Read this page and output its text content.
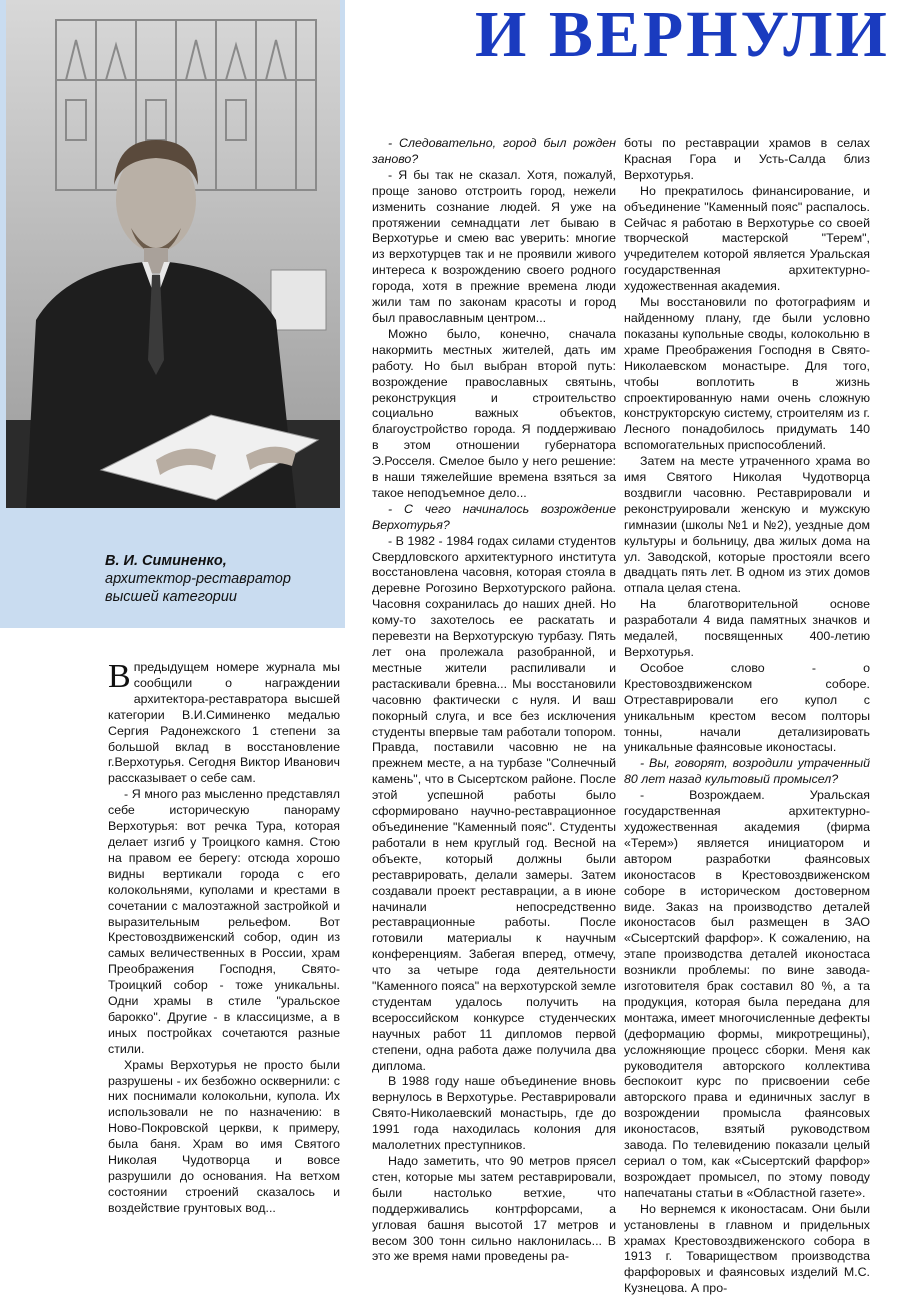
В. И. Симиненко,
архитектор-реставратор высшей категории
И ВЕРНУЛИ

Впредыдущем номере журнала мы сообщили о награждении архитектора-реставратора высшей категории В.И.Симиненко медалью Сергия Радонежского 1 степени за большой вклад в восстановление г.Верхотурья. Сегодня Виктор Иванович рассказывает о себе сам.

- Я много раз мысленно представлял себе историческую панораму Верхотурья: вот речка Тура, которая делает изгиб у Троицкого камня. Стою на правом ее берегу: отсюда хорошо видны вертикали города с его колокольнями, куполами и крестами в сочетании с малоэтажной застройкой и выразительным рельефом. Вот Крестовоздвиженский собор, один из самых величественных в России, храм Преображения Господня, Свято-Троицкий собор - тоже уникальны. Одни храмы в стиле "уральское барокко". Другие - в классицизме, а в иных постройках сочетаются разные стили.

Храмы Верхотурья не просто были разрушены - их безбожно осквернили: с них поснимали колокольни, купола. Их использовали не по назначению: в Ново-Покровской церкви, к примеру, была баня. Храм во имя Святого Николая Чудотворца и вовсе разрушили до основания. На ветхом состоянии строений сказалось и воздействие грунтовых вод...

- Следовательно, город был рожден заново?

- Я бы так не сказал. Хотя, пожалуй, проще заново отстроить город, нежели изменить сознание людей. Я уже на протяжении семнадцати лет бываю в Верхотурье и смею вас уверить: многие из верхотурцев так и не проявили живого интереса к возрождению своего родного города, хотя в прежние времена люди жили там по законам красоты и город был православным центром...

Можно было, конечно, сначала накормить местных жителей, дать им работу. Но был выбран второй путь: возрождение православных святынь, реконструкция и строительство социально важных объектов, благоустройство города. Я поддерживаю в этом отношении губернатора Э.Росселя. Смелое было у него решение: в наши тяжелейшие времена взяться за такое неподъемное дело...

- С чего начиналось возрождение Верхотурья?

- В 1982 - 1984 годах силами студентов Свердловского архитектурного института восстановлена часовня, которая стояла в деревне Рогозино Верхотурского района. Часовня сохранилась до наших дней. Но кому-то захотелось ее раскатать и перевезти на Верхотурскую турбазу. Пять лет она пролежала разобранной, и местные жители распиливали и растаскивали бревна... Мы восстановили часовню фактически с нуля. И ваш покорный слуга, и все без исключения студенты впервые там работали топором. Правда, поставили часовню не на прежнем месте, а на турбазе "Солнечный камень", что в Сысертском районе. После этой успешной работы было сформировано научно-реставрационное объединение "Каменный пояс". Студенты работали в нем круглый год. Весной на объекте, который должны были реставрировать, делали замеры. Затем создавали проект реставрации, а в июне начинали непосредственно реставрационные работы. После готовили материалы к научным конференциям. Забегая вперед, отмечу, что за четыре года деятельности "Каменного пояса" на верхотурской земле студентам удалось получить на всероссийском конкурсе студенческих научных работ 11 дипломов первой степени, одна работа даже получила два диплома.

В 1988 году наше объединение вновь вернулось в Верхотурье. Реставрировали Свято-Николаевский монастырь, где до 1991 года находилась колония для малолетних преступников.

Надо заметить, что 90 метров прясел стен, которые мы затем реставрировали, были настолько ветхие, что поддерживались контрфорсами, а угловая башня высотой 17 метров и весом 300 тонн сильно наклонилась... В это же время нами проведены ра-

боты по реставрации храмов в селах Красная Гора и Усть-Салда близ Верхотурья.

Но прекратилось финансирование, и объединение "Каменный пояс" распалось. Сейчас я работаю в Верхотурье со своей творческой мастерской "Терем", учредителем которой является Уральская государственная архитектурно-художественная академия.

Мы восстановили по фотографиям и найденному плану, где были условно показаны купольные своды, колокольню в храме Преображения Господня в Свято-Николаевском монастыре. Для того, чтобы воплотить в жизнь спроектированную нами очень сложную конструкторскую систему, строителям из г. Лесного понадобилось придумать 140 вспомогательных приспособлений.

Затем на месте утраченного храма во имя Святого Николая Чудотворца воздвигли часовню. Реставрировали и реконструировали женскую и мужскую гимназии (школы №1 и №2), уездные дом культуры и больницу, два жилых дома на ул. Заводской, которые простояли всего двадцать пять лет. В одном из этих домов отпала целая стена.

На благотворительной основе разработали 4 вида памятных значков и медалей, посвященных 400-летию Верхотурья.

Особое слово - о Крестовоздвиженском соборе. Отреставрировали его купол с уникальным крестом весом полторы тонны, начали детализировать уникальные фаянсовые иконостасы.

- Вы, говорят, возродили утраченный 80 лет назад культовый промысел?

- Возрождаем. Уральская государственная архитектурно-художественная академия (фирма «Терем») является инициатором и автором разработки фаянсовых иконостасов в Крестовоздвиженском соборе в историческом достоверном виде. Заказ на производство деталей иконостасов был размещен в ЗАО «Сысертский фарфор». К сожалению, на этапе производства деталей иконостаса возникли проблемы: по вине завода-изготовителя брак составил 80 %, а та продукция, которая была передана для монтажа, имеет многочисленные дефекты (деформацию формы, микротрещины), усложняющие процесс сборки. Меня как руководителя авторского коллектива беспокоит курс по присвоении себе авторского права и единичных заслуг в возрождении промысла фаянсовых иконостасов, взятый руководством завода. По телевидению показали целый сериал о том, как «Сысертский фарфор» возрождает промысел, по этому поводу напечатаны статьи в «Областной газете».

Но вернемся к иконостасам. Они были установлены в главном и придельных храмах Крестовоздвиженского собора в 1913 г. Товариществом производства фарфоровых и фаянсовых изделий М.С. Кузнецова. А про-
